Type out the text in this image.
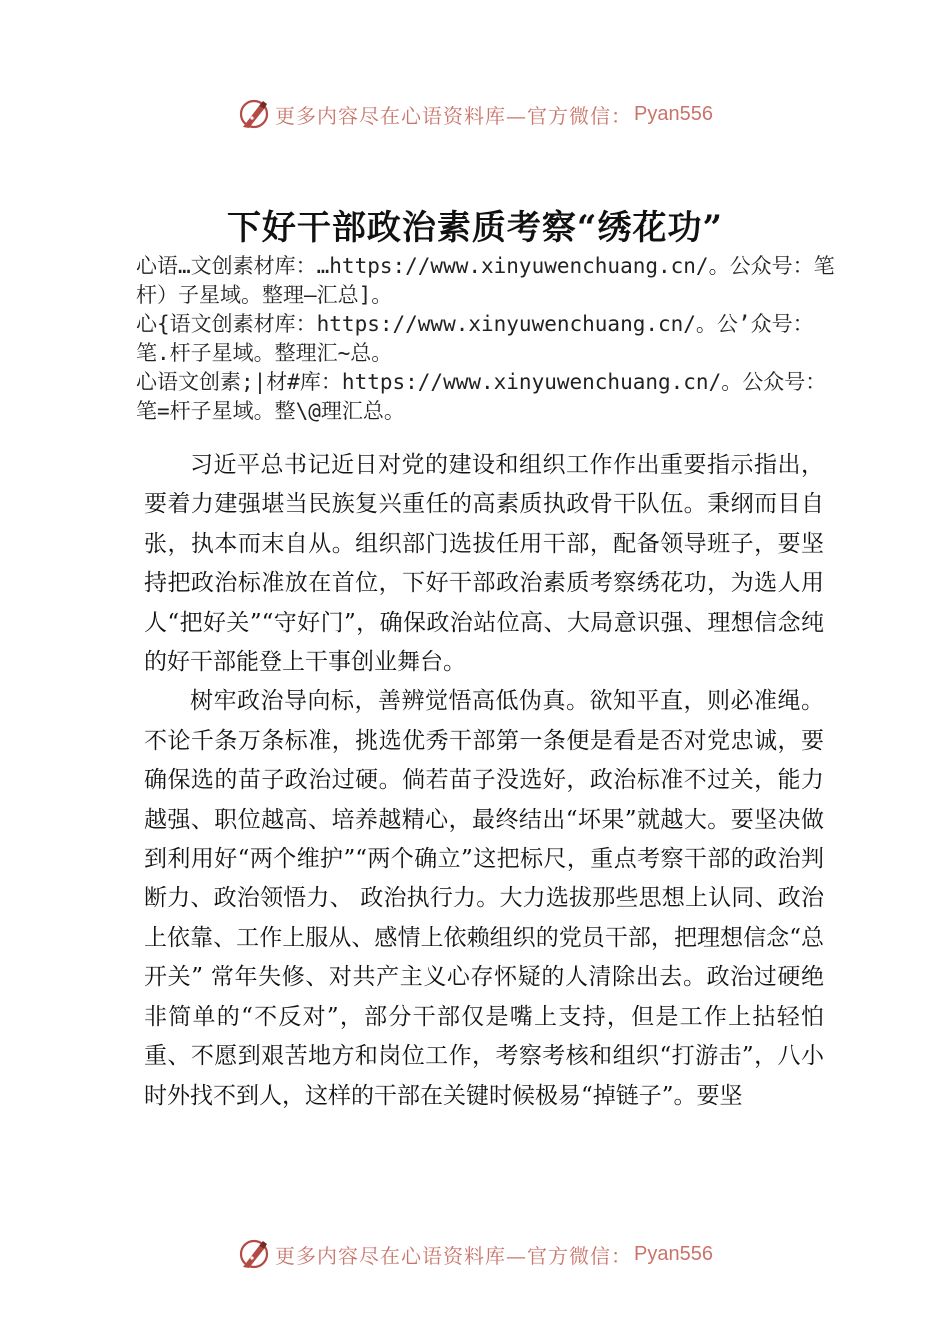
更多内容尽在心语资料库—官方微信： Pyan556
下好干部政治素质考察“绣花功”

心语…文创素材库：…https://www.xinyuwenchuang.cn/。公众号：笔杆）子星域。整理—汇总]。

心{语文创素材库：https://www.xinyuwenchuang.cn/。公’众号：笔.杆子星域。整理汇~总。

心语文创素;|材#库：https://www.xinyuwenchuang.cn/。公众号：笔=杆子星域。整\@理汇总。

习近平总书记近日对党的建设和组织工作作出重要指示指出，要着力建强堪当民族复兴重任的高素质执政骨干队伍。秉纲而目自张，执本而末自从。组织部门选拔任用干部，配备领导班子，要坚持把政治标准放在首位，下好干部政治素质考察绣花功，为选人用人“把好关”“守好门”，确保政治站位高、大局意识强、理想信念纯的好干部能登上干事创业舞台。

树牢政治导向标，善辨觉悟高低伪真。欲知平直，则必准绳。不论千条万条标准，挑选优秀干部第一条便是看是否对党忠诚，要确保选的苗子政治过硬。倘若苗子没选好，政治标准不过关，能力越强、职位越高、培养越精心，最终结出“坏果”就越大。要坚决做到利用好“两个维护”“两个确立”这把标尺，重点考察干部的政治判断力、政治领悟力、 政治执行力。大力选拔那些思想上认同、政治上依靠、工作上服从、感情上依赖组织的党员干部，把理想信念“总开关” 常年失修、对共产主义心存怀疑的人清除出去。政治过硬绝非简单的“不反对”，部分干部仅是嘴上支持，但是工作上拈轻怕重、不愿到艰苦地方和岗位工作，考察考核和组织“打游击”，八小时外找不到人，这样的干部在关键时候极易“掉链子”。要坚

更多内容尽在心语资料库—官方微信： Pyan556
